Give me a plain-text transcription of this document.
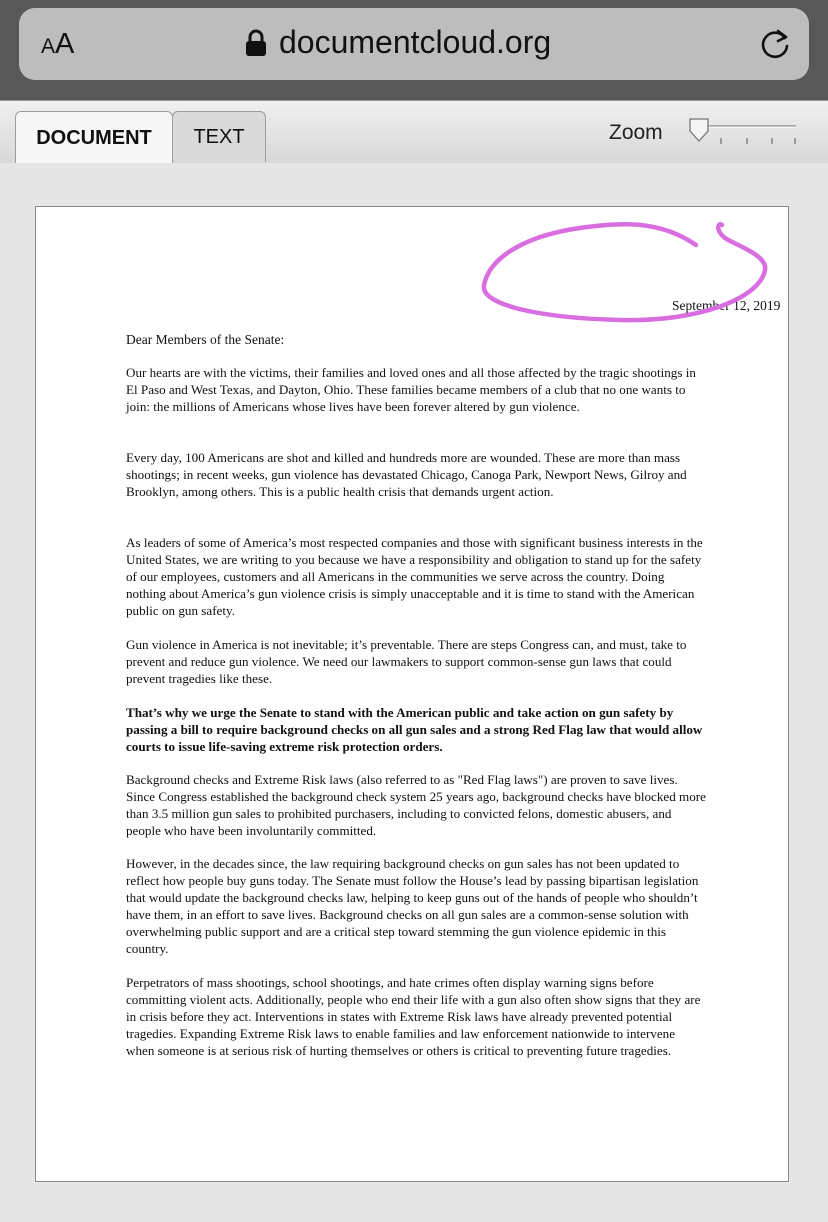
AA	documentcloud.org
DOCUMENT	TEXT	Zoom
September 12, 2019
Dear Members of the Senate:

Our hearts are with the victims, their families and loved ones and all those affected by the tragic shootings in El Paso and West Texas, and Dayton, Ohio. These families became members of a club that no one wants to join: the millions of Americans whose lives have been forever altered by gun violence.

Every day, 100 Americans are shot and killed and hundreds more are wounded. These are more than mass shootings; in recent weeks, gun violence has devastated Chicago, Canoga Park, Newport News, Gilroy and Brooklyn, among others. This is a public health crisis that demands urgent action.

As leaders of some of America’s most respected companies and those with significant business interests in the United States, we are writing to you because we have a responsibility and obligation to stand up for the safety of our employees, customers and all Americans in the communities we serve across the country. Doing nothing about America’s gun violence crisis is simply unacceptable and it is time to stand with the American public on gun safety.

Gun violence in America is not inevitable; it’s preventable. There are steps Congress can, and must, take to prevent and reduce gun violence. We need our lawmakers to support common-sense gun laws that could prevent tragedies like these.

That’s why we urge the Senate to stand with the American public and take action on gun safety by passing a bill to require background checks on all gun sales and a strong Red Flag law that would allow courts to issue life-saving extreme risk protection orders.

Background checks and Extreme Risk laws (also referred to as "Red Flag laws") are proven to save lives. Since Congress established the background check system 25 years ago, background checks have blocked more than 3.5 million gun sales to prohibited purchasers, including to convicted felons, domestic abusers, and people who have been involuntarily committed.

However, in the decades since, the law requiring background checks on gun sales has not been updated to reflect how people buy guns today. The Senate must follow the House’s lead by passing bipartisan legislation that would update the background checks law, helping to keep guns out of the hands of people who shouldn’t have them, in an effort to save lives. Background checks on all gun sales are a common-sense solution with overwhelming public support and are a critical step toward stemming the gun violence epidemic in this country.

Perpetrators of mass shootings, school shootings, and hate crimes often display warning signs before committing violent acts. Additionally, people who end their life with a gun also often show signs that they are in crisis before they act. Interventions in states with Extreme Risk laws have already prevented potential tragedies. Expanding Extreme Risk laws to enable families and law enforcement nationwide to intervene when someone is at serious risk of hurting themselves or others is critical to preventing future tragedies.
